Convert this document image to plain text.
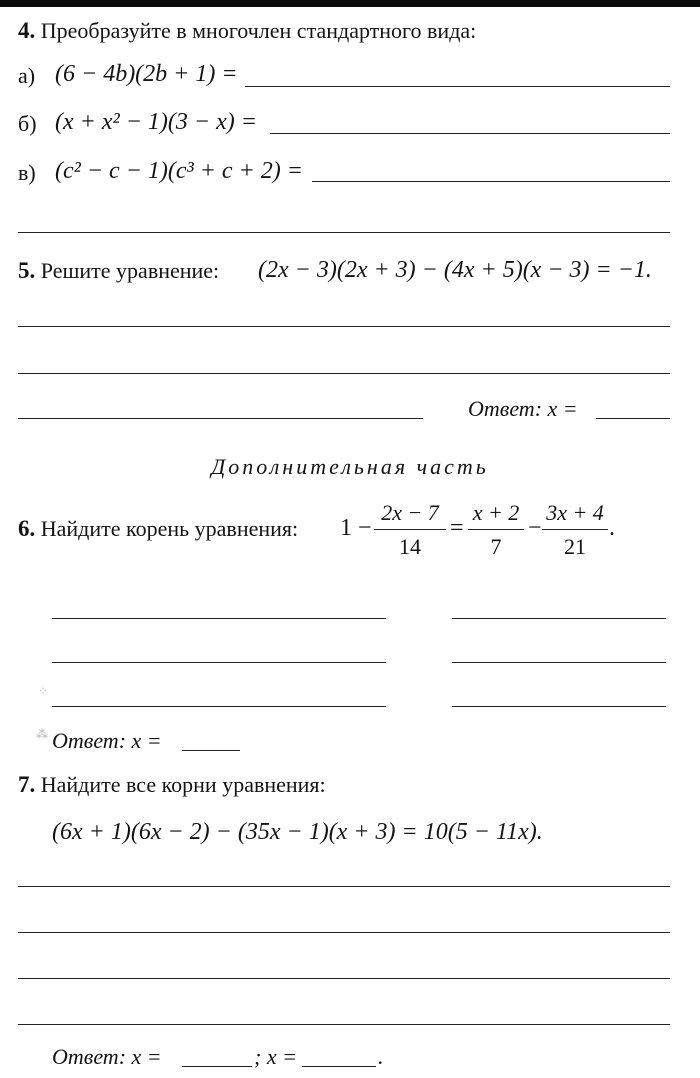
4. Преобразуйте в многочлен стандартного вида:
а) (6 − 4b)(2b + 1) =
б) (x + x² − 1)(3 − x) =
в) (c² − c − 1)(c³ + c + 2) =
5. Решите уравнение: (2x − 3)(2x + 3) − (4x + 5)(x − 3) = −1.
Ответ: x =
Дополнительная часть
6. Найдите корень уравнения: 1 −
2x − 7
14
=
x + 2
7
−
3x + 4
21
.
⁘
⁂ Ответ: x =
7. Найдите все корни уравнения:
(6x + 1)(6x − 2) − (35x − 1)(x + 3) = 10(5 − 11x).
Ответ: x =	; x =	.
